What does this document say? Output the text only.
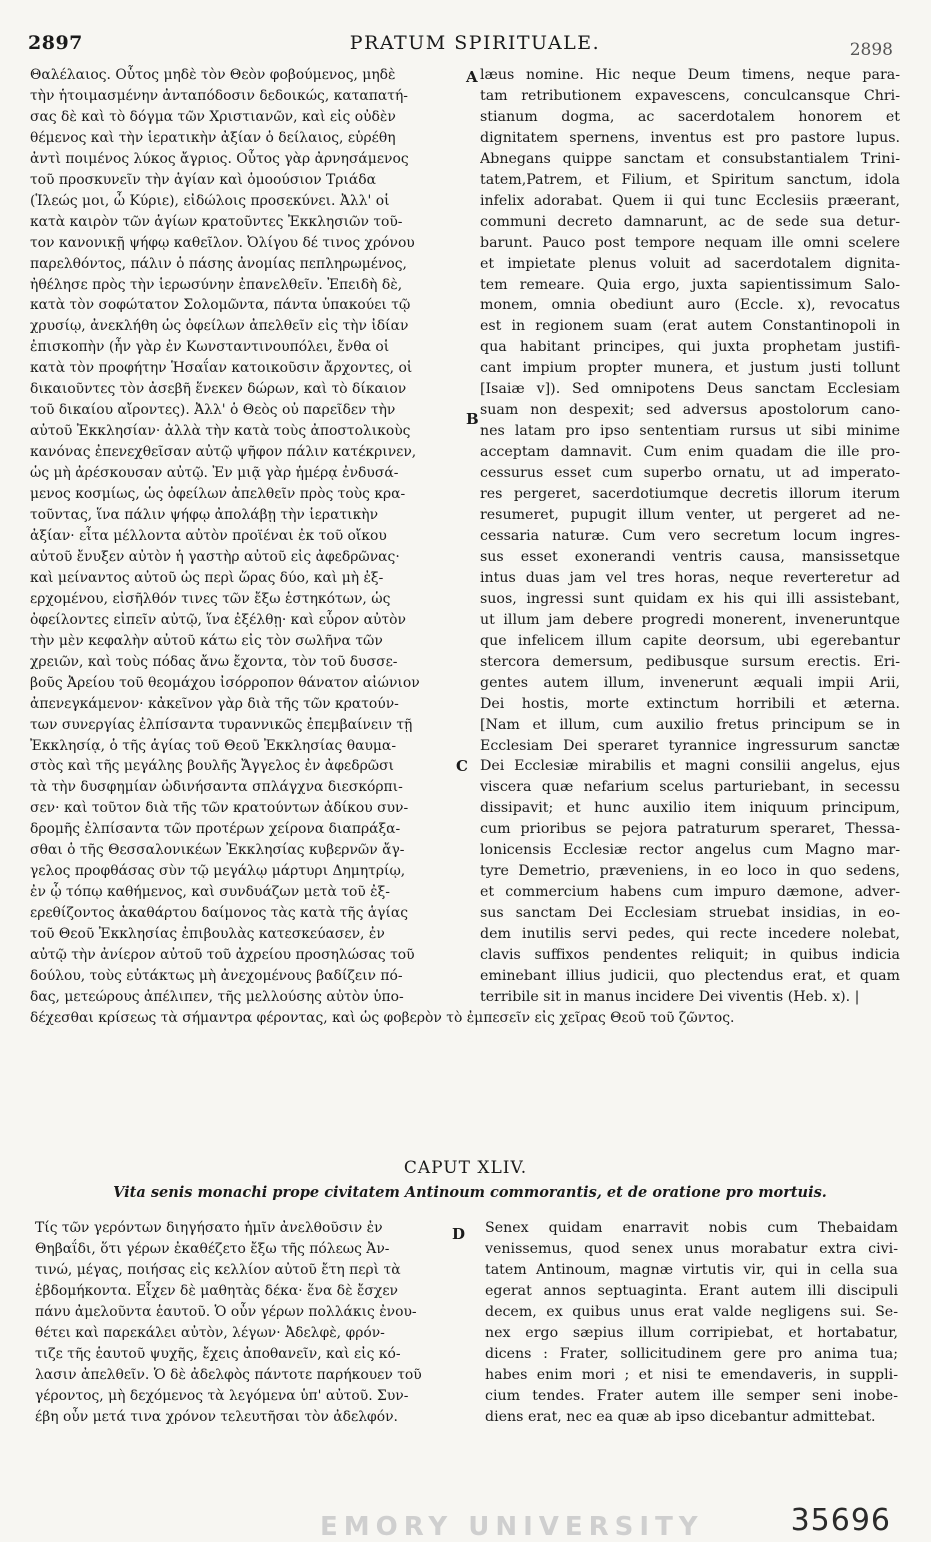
2897	PRATUM SPIRITUALE.	2898
Θαλέλαιος. Οὗτος μηδὲ τὸν Θεὸν φοβούμενος, μηδὲ
τὴν ἡτοιμασμένην ἀνταπόδοσιν δεδοικώς, καταπατή-
σας δὲ καὶ τὸ δόγμα τῶν Χριστιανῶν, καὶ εἰς οὐδὲν
θέμενος καὶ τὴν ἱερατικὴν ἀξίαν ὁ δείλαιος, εὑρέθη
ἀντὶ ποιμένος λύκος ἄγριος. Οὗτος γὰρ ἀρνησάμενος
τοῦ προσκυνεῖν τὴν ἁγίαν καὶ ὁμοούσιον Τριάδα
(Ἱλεώς μοι, ὦ Κύριε), εἰδώλοις προσεκύνει. Ἀλλ' οἱ
κατὰ καιρὸν τῶν ἁγίων κρατοῦντες Ἐκκλησιῶν τοῦ-
τον κανονικῇ ψήφῳ καθεῖλον. Ὀλίγου δέ τινος χρόνου
παρελθόντος, πάλιν ὁ πάσης ἀνομίας πεπληρωμένος,
ἠθέλησε πρὸς τὴν ἱερωσύνην ἐπανελθεῖν. Ἐπειδὴ δὲ,
κατὰ τὸν σοφώτατον Σολομῶντα, πάντα ὑπακούει τῷ
χρυσίῳ, ἀνεκλήθη ὡς ὀφείλων ἀπελθεῖν εἰς τὴν ἰδίαν
ἐπισκοπὴν (ἦν γὰρ ἐν Κωνσταντινουπόλει, ἔνθα οἱ
κατὰ τὸν προφήτην Ἡσαΐαν κατοικοῦσιν ἄρχοντες, οἱ
δικαιοῦντες τὸν ἀσεβῆ ἕνεκεν δώρων, καὶ τὸ δίκαιον
τοῦ δικαίου αἴροντες). Ἀλλ' ὁ Θεὸς οὐ παρεῖδεν τὴν
αὐτοῦ Ἐκκλησίαν· ἀλλὰ τὴν κατὰ τοὺς ἀποστολικοὺς
κανόνας ἐπενεχθεῖσαν αὐτῷ ψῆφον πάλιν κατέκρινεν,
ὡς μὴ ἀρέσκουσαν αὐτῷ. Ἐν μιᾷ γὰρ ἡμέρᾳ ἐνδυσά-
μενος κοσμίως, ὡς ὀφείλων ἀπελθεῖν πρὸς τοὺς κρα-
τοῦντας, ἵνα πάλιν ψήφῳ ἀπολάβῃ τὴν ἱερατικὴν
ἀξίαν· εἶτα μέλλοντα αὐτὸν προϊέναι ἐκ τοῦ οἴκου
αὐτοῦ ἔνυξεν αὐτὸν ἡ γαστὴρ αὐτοῦ εἰς ἀφεδρῶνας·
καὶ μείναντος αὐτοῦ ὡς περὶ ὥρας δύο, καὶ μὴ ἐξ-
ερχομένου, εἰσῆλθόν τινες τῶν ἔξω ἑστηκότων, ὡς
ὀφείλοντες εἰπεῖν αὐτῷ, ἵνα ἐξέλθῃ· καὶ εὗρον αὐτὸν
τὴν μὲν κεφαλὴν αὐτοῦ κάτω εἰς τὸν σωλῆνα τῶν
χρειῶν, καὶ τοὺς πόδας ἄνω ἔχοντα, τὸν τοῦ δυσσε-
βοῦς Ἀρείου τοῦ θεομάχου ἰσόρροπον θάνατον αἰώνιον
ἀπενεγκάμενον· κἀκεῖνον γὰρ διὰ τῆς τῶν κρατούν-
των συνεργίας ἐλπίσαντα τυραννικῶς ἐπεμβαίνειν τῇ
Ἐκκλησίᾳ, ὁ τῆς ἁγίας τοῦ Θεοῦ Ἐκκλησίας θαυμα-
στὸς καὶ τῆς μεγάλης βουλῆς Ἄγγελος ἐν ἀφεδρῶσι
τὰ τὴν δυσφημίαν ὠδινήσαντα σπλάγχνα διεσκόρπι-
σεν· καὶ τοῦτον διὰ τῆς τῶν κρατούντων ἀδίκου συν-
δρομῆς ἐλπίσαντα τῶν προτέρων χείρονα διαπράξα-
σθαι ὁ τῆς Θεσσαλονικέων Ἐκκλησίας κυβερνῶν ἄγ-
γελος προφθάσας σὺν τῷ μεγάλῳ μάρτυρι Δημητρίῳ,
ἐν ᾧ τόπῳ καθήμενος, καὶ συνδυάζων μετὰ τοῦ ἐξ-
ερεθίζοντος ἀκαθάρτου δαίμονος τὰς κατὰ τῆς ἁγίας
τοῦ Θεοῦ Ἐκκλησίας ἐπιβουλὰς κατεσκεύασεν, ἐν
αὐτῷ τὴν ἀνίερον αὐτοῦ τοῦ ἀχρείου προσηλώσας τοῦ
δούλου, τοὺς εὐτάκτως μὴ ἀνεχομένους βαδίζειν πό-
δας, μετεώρους ἀπέλιπεν, τῆς μελλούσης αὐτὸν ὑπο-
δέχεσθαι κρίσεως τὰ σήμαντρα φέροντας, καὶ ὡς φοβερὸν τὸ ἐμπεσεῖν εἰς χεῖρας Θεοῦ τοῦ ζῶντος.
læus nomine. Hic neque Deum timens, neque para-
tam retributionem expavescens, conculcansque Chri-
stianum dogma, ac sacerdotalem honorem et
dignitatem spernens, inventus est pro pastore lupus.
Abnegans quippe sanctam et consubstantialem Trini-
tatem,Patrem, et Filium, et Spiritum sanctum, idola
infelix adorabat. Quem ii qui tunc Ecclesiis præerant,
communi decreto damnarunt, ac de sede sua detur-
barunt. Pauco post tempore nequam ille omni scelere
et impietate plenus voluit ad sacerdotalem dignita-
tem remeare. Quia ergo, juxta sapientissimum Salo-
monem, omnia obediunt auro (Eccle. x), revocatus
est in regionem suam (erat autem Constantinopoli in
qua habitant principes, qui juxta prophetam justifi-
cant impium propter munera, et justum justi tollunt
[Isaiæ v]). Sed omnipotens Deus sanctam Ecclesiam
suam non despexit; sed adversus apostolorum cano-
nes latam pro ipso sententiam rursus ut sibi minime
acceptam damnavit. Cum enim quadam die ille pro-
cessurus esset cum superbo ornatu, ut ad imperato-
res pergeret, sacerdotiumque decretis illorum iterum
resumeret, pupugit illum venter, ut pergeret ad ne-
cessaria naturæ. Cum vero secretum locum ingres-
sus esset exonerandi ventris causa, mansissetque
intus duas jam vel tres horas, neque reverteretur ad
suos, ingressi sunt quidam ex his qui illi assistebant,
ut illum jam debere progredi monerent, inveneruntque
que infelicem illum capite deorsum, ubi egerebantur
stercora demersum, pedibusque sursum erectis. Eri-
gentes autem illum, invenerunt æquali impii Arii,
Dei hostis, morte extinctum horribili et æterna.
[Nam et illum, cum auxilio fretus principum se in
Ecclesiam Dei speraret tyrannice ingressurum sanctæ
Dei Ecclesiæ mirabilis et magni consilii angelus, ejus
viscera quæ nefarium scelus parturiebant, in secessu
dissipavit; et hunc auxilio item iniquum principum,
cum prioribus se pejora patraturum speraret, Thessa-
lonicensis Ecclesiæ rector angelus cum Magno mar-
tyre Demetrio, præveniens, in eo loco in quo sedens,
et commercium habens cum impuro dæmone, adver-
sus sanctam Dei Ecclesiam struebat insidias, in eo-
dem inutilis servi pedes, qui recte incedere nolebat,
clavis suffixos pendentes reliquit; in quibus indicia
eminebant illius judicii, quo plectendus erat, et quam
terribile sit in manus incidere Dei viventis (Heb. x). |
A
B
C
D
CAPUT XLIV.
Vita senis monachi prope civitatem Antinoum commorantis, et de oratione pro mortuis.
Τίς τῶν γερόντων διηγήσατο ἡμῖν ἀνελθοῦσιν ἐν
Θηβαΐδι, ὅτι γέρων ἐκαθέζετο ἔξω τῆς πόλεως Ἀν-
τινώ, μέγας, ποιήσας εἰς κελλίον αὐτοῦ ἔτη περὶ τὰ
ἑβδομήκοντα. Εἶχεν δὲ μαθητὰς δέκα· ἕνα δὲ ἔσχεν
πάνυ ἀμελοῦντα ἑαυτοῦ. Ὁ οὖν γέρων πολλάκις ἐνου-
θέτει καὶ παρεκάλει αὐτὸν, λέγων· Ἀδελφὲ, φρόν-
τιζε τῆς ἑαυτοῦ ψυχῆς, ἔχεις ἀποθανεῖν, καὶ εἰς κό-
λασιν ἀπελθεῖν. Ὁ δὲ ἀδελφὸς πάντοτε παρήκουεν τοῦ
γέροντος, μὴ δεχόμενος τὰ λεγόμενα ὑπ' αὐτοῦ. Συν-
έβη οὖν μετά τινα χρόνον τελευτῆσαι τὸν ἀδελφόν.
Senex quidam enarravit nobis cum Thebaidam
venissemus, quod senex unus morabatur extra civi-
tatem Antinoum, magnæ virtutis vir, qui in cella sua
egerat annos septuaginta. Erant autem illi discipuli
decem, ex quibus unus erat valde negligens sui. Se-
nex ergo sæpius illum corripiebat, et hortabatur,
dicens : Frater, sollicitudinem gere pro anima tua;
habes enim mori ; et nisi te emendaveris, in suppli-
cium tendes. Frater autem ille semper seni inobe-
diens erat, nec ea quæ ab ipso dicebantur admittebat.
EMORY UNIVERSITY	35696
